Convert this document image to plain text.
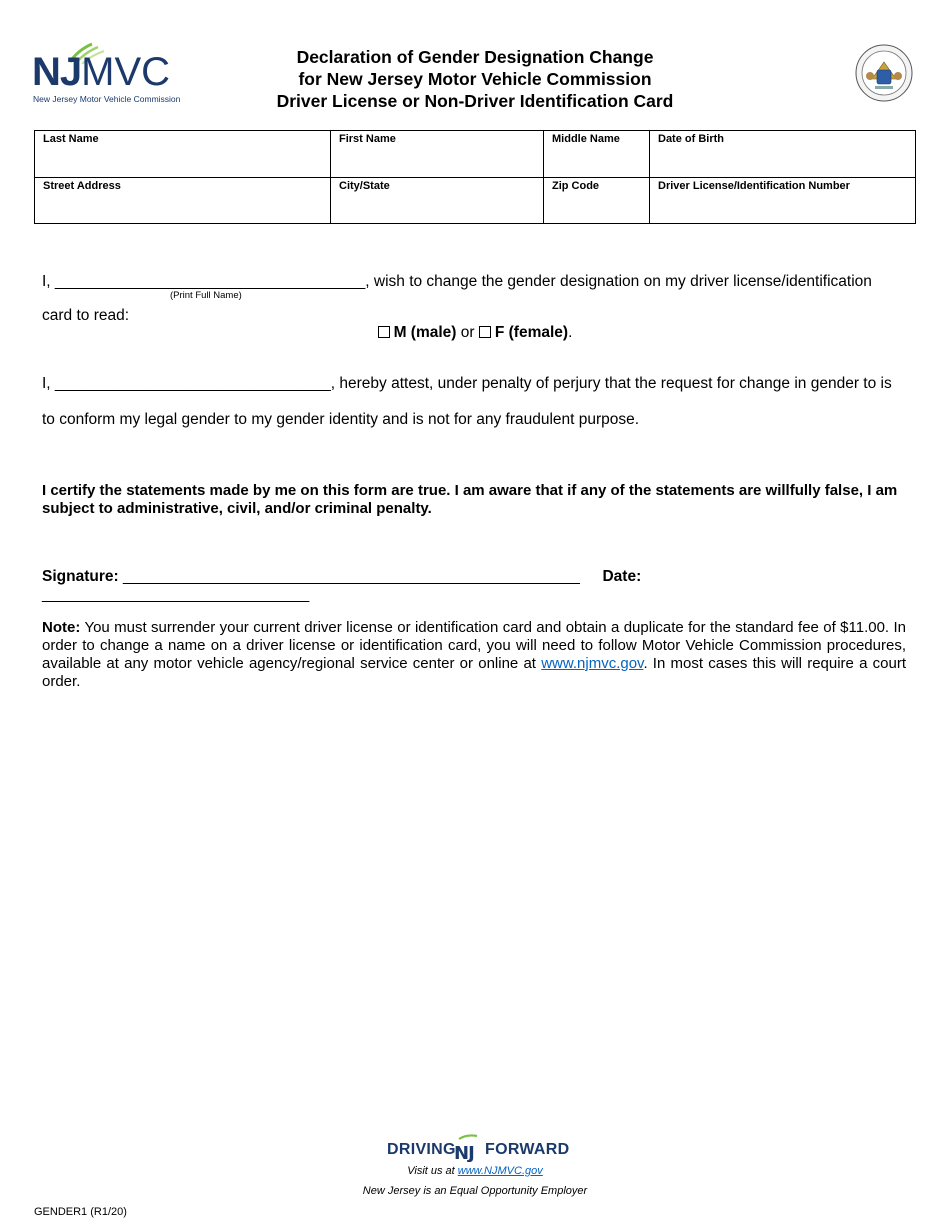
NJMVC
New Jersey Motor Vehicle Commission
Declaration of Gender Designation Change
for New Jersey Motor Vehicle Commission
Driver License or Non-Driver Identification Card
Last Name	First Name	Middle Name	Date of Birth
Street Address	City/State	Zip Code	Driver License/Identification Number
I, ____________________________________, wish to change the gender designation on my driver license/identification
(Print Full Name)
card to read:
M (male) or F (female).
I, ________________________________, hereby attest, under penalty of perjury that the request for change in gender to is
to conform my legal gender to my gender identity and is not for any fraudulent purpose.
I certify the statements made by me on this form are true. I am aware that if any of the statements are willfully false, I am subject to administrative, civil, and/or criminal penalty.
Signature: _____________________________________________________ Date: _______________________________
Note: You must surrender your current driver license or identification card and obtain a duplicate for the standard fee of $11.00. In order to change a name on a driver license or identification card, you will need to follow Motor Vehicle Commission procedures, available at any motor vehicle agency/regional service center or online at www.njmvc.gov. In most cases this will require a court order.
DRIVING
NJ FORWARD
Visit us at www.NJMVC.gov
New Jersey is an Equal Opportunity Employer
GENDER1 (R1/20)
